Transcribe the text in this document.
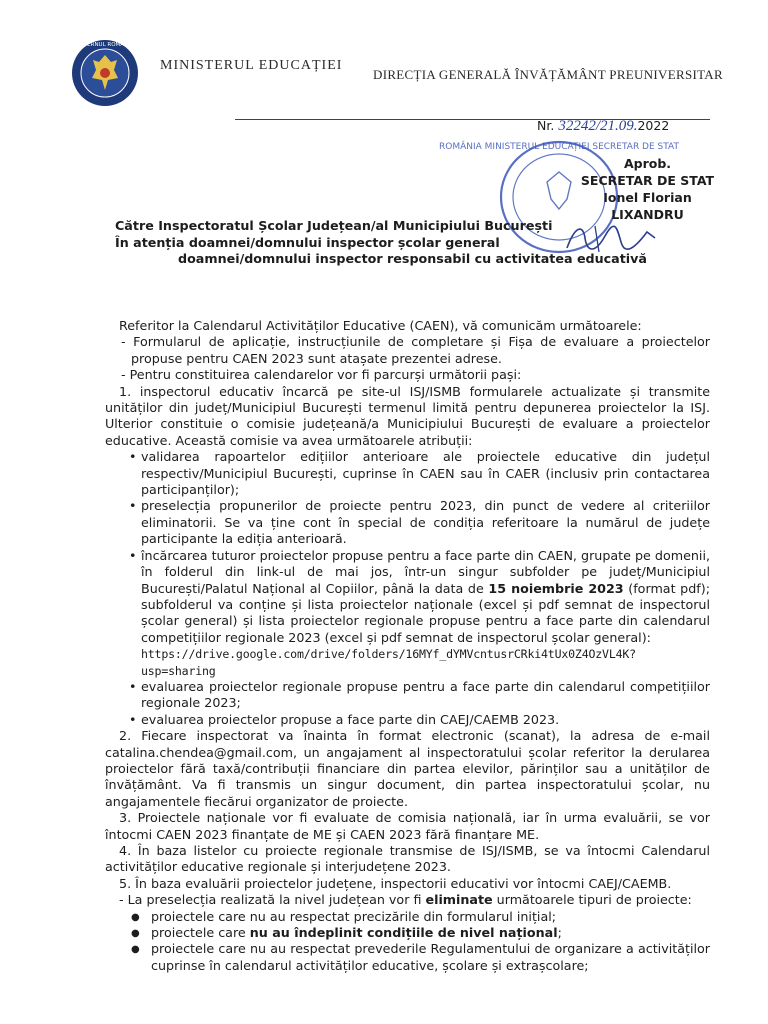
GUVERNUL ROMÂNIEI
MINISTERUL EDUCAȚIEI
DIRECȚIA GENERALĂ ÎNVĂȚĂMÂNT PREUNIVERSITAR
Nr. 32242/21.09.2022
ROMÂNIA MINISTERUL EDUCAȚIEI SECRETAR DE STAT
Aprob.
SECRETAR DE STAT
Ionel Florian LIXANDRU
Către Inspectoratul Școlar Județean/al Municipiului București
În atenția doamnei/domnului inspector școlar general
doamnei/domnului inspector responsabil cu activitatea educativă

Referitor la Calendarul Activităților Educative (CAEN), vă comunicăm următoarele:

- Formularul de aplicație, instrucțiunile de completare și Fișa de evaluare a proiectelor propuse pentru CAEN 2023 sunt atașate prezentei adrese.

- Pentru constituirea calendarelor vor fi parcurși următorii pași:

1. inspectorul educativ încarcă pe site-ul ISJ/ISMB formularele actualizate și transmite unităților din județ/Municipiul București termenul limită pentru depunerea proiectelor la ISJ. Ulterior constituie o comisie județeană/a Municipiului București de evaluare a proiectelor educative. Această comisie va avea următoarele atribuții:

• validarea rapoartelor edițiilor anterioare ale proiectele educative din județul respectiv/Municipiul București, cuprinse în CAEN sau în CAER (inclusiv prin contactarea participanților);
• preselecția propunerilor de proiecte pentru 2023, din punct de vedere al criteriilor eliminatorii. Se va ține cont în special de condiția referitoare la numărul de județe participante la ediția anterioară.
• încărcarea tuturor proiectelor propuse pentru a face parte din CAEN, grupate pe domenii, în folderul din link-ul de mai jos, într-un singur subfolder pe județ/Municipiul București/Palatul Național al Copiilor, până la data de 15 noiembrie 2023 (format pdf); subfolderul va conține și lista proiectelor naționale (excel și pdf semnat de inspectorul școlar general) și lista proiectelor regionale propuse pentru a face parte din calendarul competițiilor regionale 2023 (excel și pdf semnat de inspectorul școlar general):
https://drive.google.com/drive/folders/16MYf_dYMVcntusrCRki4tUx0Z4OzVL4K?usp=sharing
• evaluarea proiectelor regionale propuse pentru a face parte din calendarul competițiilor regionale 2023;
• evaluarea proiectelor propuse a face parte din CAEJ/CAEMB 2023.

2. Fiecare inspectorat va înainta în format electronic (scanat), la adresa de e-mail catalina.chendea@gmail.com, un angajament al inspectoratului școlar referitor la derularea proiectelor fără taxă/contribuții financiare din partea elevilor, părinților sau a unităților de învățământ. Va fi transmis un singur document, din partea inspectoratului școlar, nu angajamentele fiecărui organizator de proiecte.

3. Proiectele naționale vor fi evaluate de comisia națională, iar în urma evaluării, se vor întocmi CAEN 2023 finanțate de ME și CAEN 2023 fără finanțare ME.

4. În baza listelor cu proiecte regionale transmise de ISJ/ISMB, se va întocmi Calendarul activităților educative regionale și interjudețene 2023.

5. În baza evaluării proiectelor județene, inspectorii educativi vor întocmi CAEJ/CAEMB.

- La preselecția realizată la nivel județean vor fi eliminate următoarele tipuri de proiecte:

● proiectele care nu au respectat precizările din formularul inițial;
● proiectele care nu au îndeplinit condițiile de nivel național;
● proiectele care nu au respectat prevederile Regulamentului de organizare a activităților cuprinse în calendarul activităților educative, școlare și extrașcolare;
